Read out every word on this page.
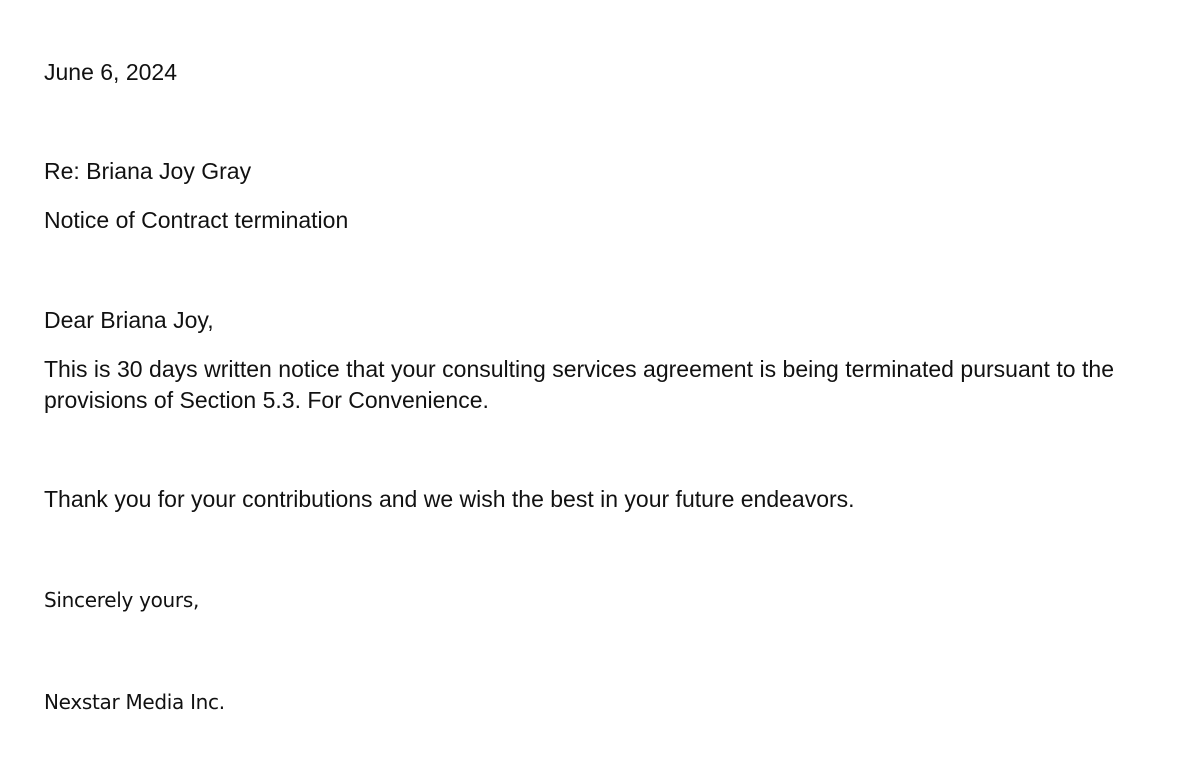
June 6, 2024
Re: Briana Joy Gray
Notice of Contract termination
Dear Briana Joy,
This is 30 days written notice that your consulting services agreement is being terminated pursuant to the provisions of Section 5.3. For Convenience.
Thank you for your contributions and we wish the best in your future endeavors.
Sincerely yours,
Nexstar Media Inc.
